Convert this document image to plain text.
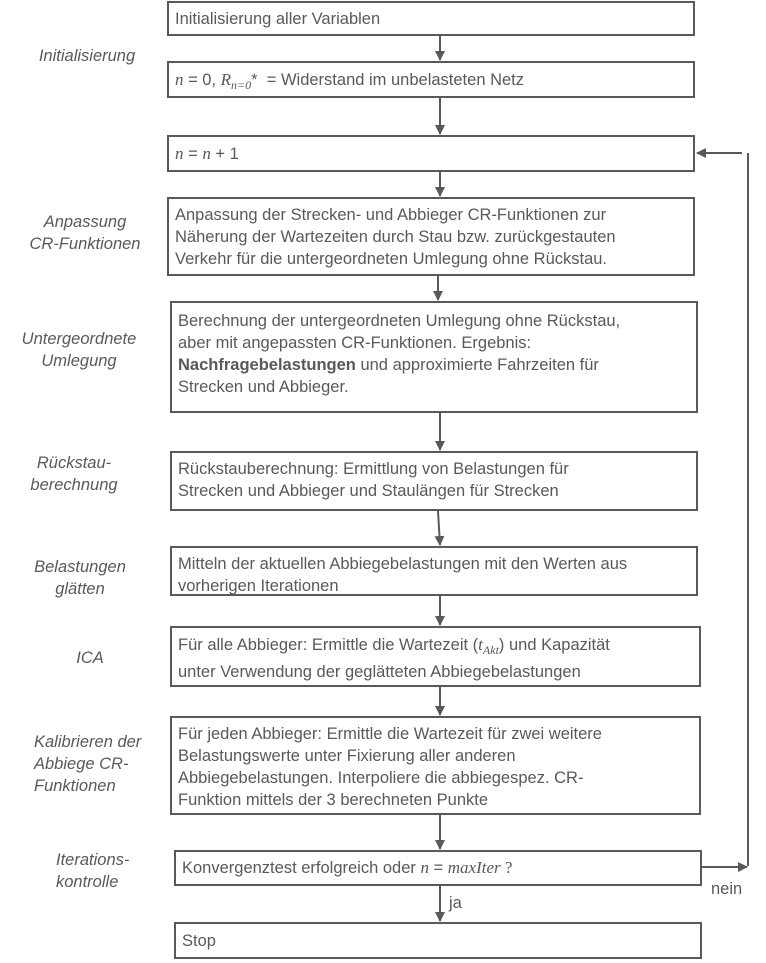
Initialisierung
Anpassung
CR-Funktionen
Untergeordnete
Umlegung
Rückstau-
berechnung
Belastungen
glätten
ICA
Kalibrieren der
Abbiege CR-
Funktionen
Iterations-
kontrolle
Initialisierung aller Variablen
n = 0, $R_{n=0}*$  = Widerstand im unbelasteten Netz
n = n + 1
Anpassung der Strecken- und Abbieger CR-Funktionen zur
Näherung der Wartezeiten durch Stau bzw. zurückgestauten
Verkehr für die untergeordneten Umlegung ohne Rückstau.
Berechnung der untergeordneten Umlegung ohne Rückstau,
aber mit angepassten CR-Funktionen. Ergebnis:
Nachfragebelastungen und approximierte Fahrzeiten für
Strecken und Abbieger.
Rückstauberechnung: Ermittlung von Belastungen für
Strecken und Abbieger und Staulängen für Strecken
Mitteln der aktuellen Abbiegebelastungen mit den Werten aus
vorherigen Iterationen
Für alle Abbieger: Ermittle die Wartezeit $(t_{Akt})$ und Kapazität
unter Verwendung der geglätteten Abbiegebelastungen
Für jeden Abbieger: Ermittle die Wartezeit für zwei weitere
Belastungswerte unter Fixierung aller anderen
Abbiegebelastungen. Interpoliere die abbiegespez. CR-
Funktion mittels der 3 berechneten Punkte
Konvergenztest erfolgreich oder n = maxIter ?
Stop
ja
nein
